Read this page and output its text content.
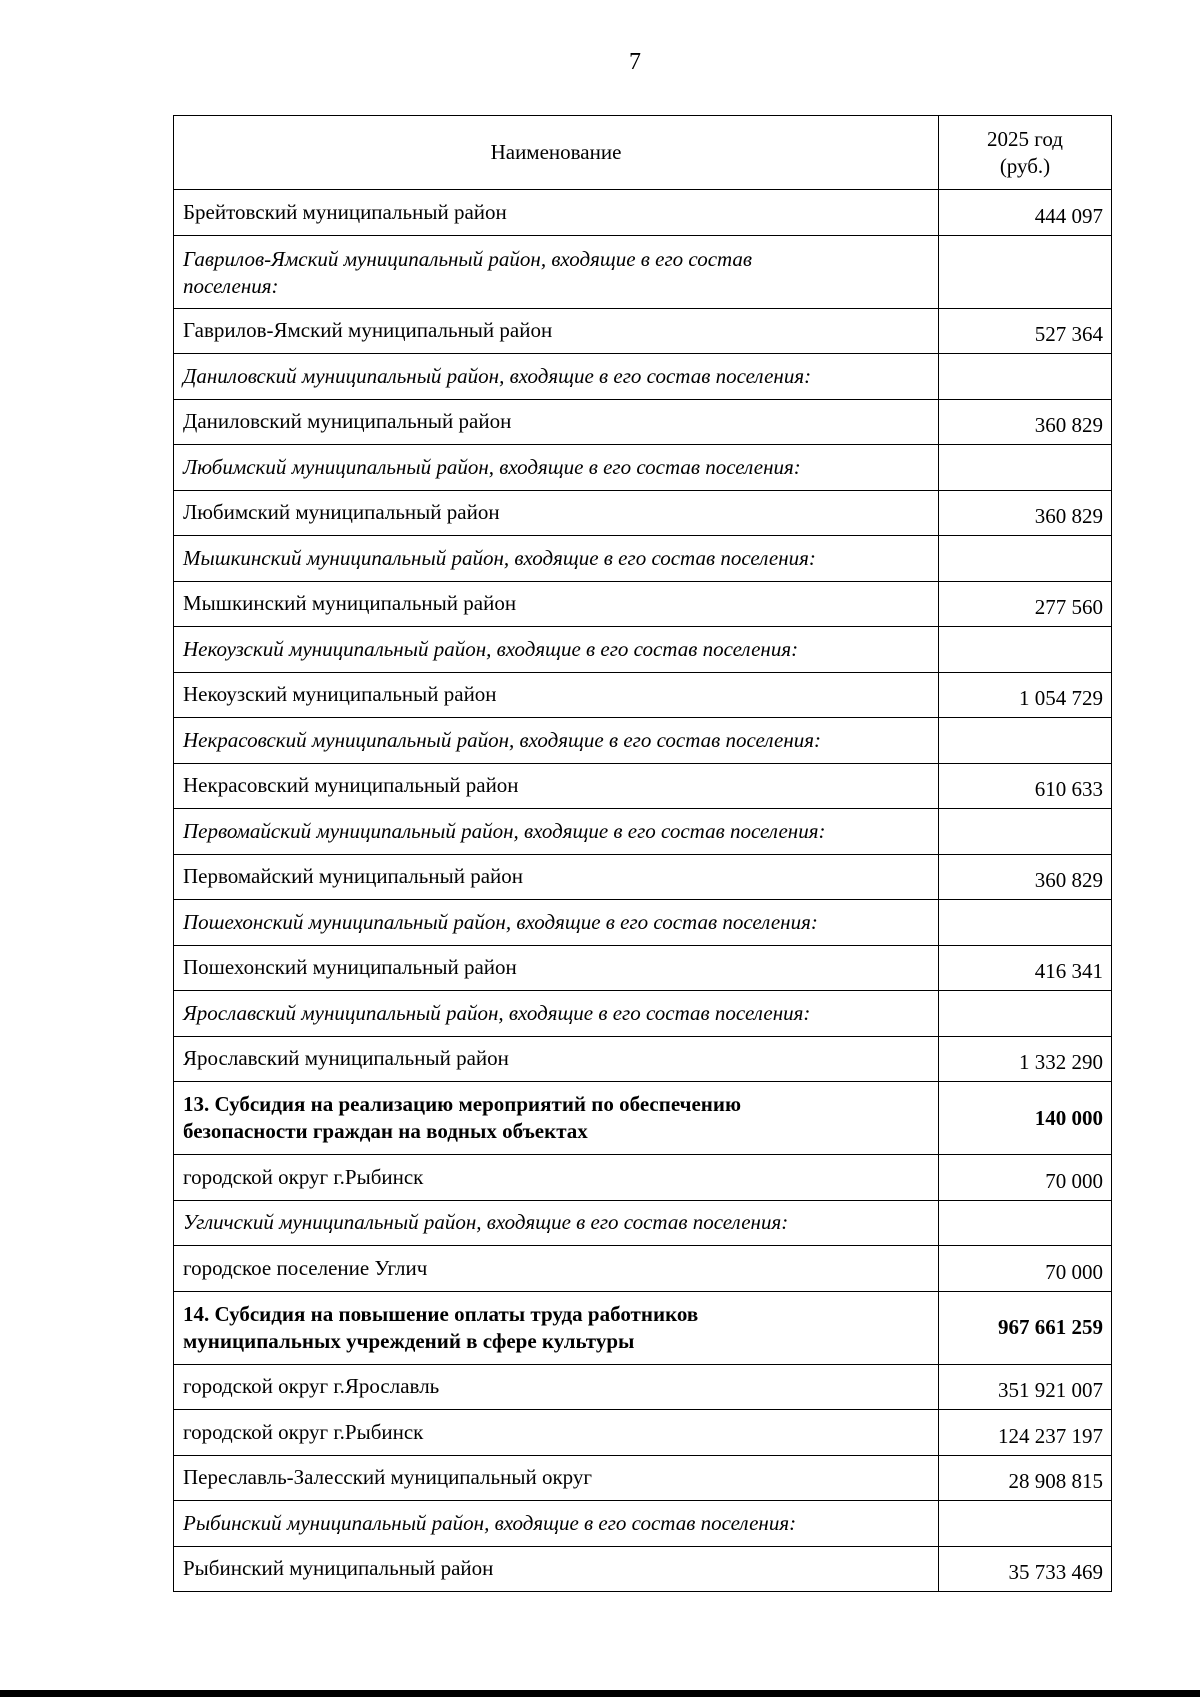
7
Наименование	2025 год
(руб.)
Брейтовский муниципальный район	444 097
Гаврилов-Ямский муниципальный район, входящие в его состав
поселения:	
Гаврилов-Ямский муниципальный район	527 364
Даниловский муниципальный район, входящие в его состав поселения:	
Даниловский муниципальный район	360 829
Любимский муниципальный район, входящие в его состав поселения:	
Любимский муниципальный район	360 829
Мышкинский муниципальный район, входящие в его состав поселения:	
Мышкинский муниципальный район	277 560
Некоузский муниципальный район, входящие в его состав поселения:	
Некоузский муниципальный район	1 054 729
Некрасовский муниципальный район, входящие в его состав поселения:	
Некрасовский муниципальный район	610 633
Первомайский муниципальный район, входящие в его состав поселения:	
Первомайский муниципальный район	360 829
Пошехонский муниципальный район, входящие в его состав поселения:	
Пошехонский муниципальный район	416 341
Ярославский муниципальный район, входящие в его состав поселения:	
Ярославский муниципальный район	1 332 290
13. Субсидия на реализацию мероприятий по обеспечению
безопасности граждан на водных объектах	140 000
городской округ г.Рыбинск	70 000
Угличский муниципальный район, входящие в его состав поселения:	
городское поселение Углич	70 000
14. Субсидия на повышение оплаты труда работников
муниципальных учреждений в сфере культуры	967 661 259
городской округ г.Ярославль	351 921 007
городской округ г.Рыбинск	124 237 197
Переславль-Залесский муниципальный округ	28 908 815
Рыбинский муниципальный район, входящие в его состав поселения:	
Рыбинский муниципальный район	35 733 469
